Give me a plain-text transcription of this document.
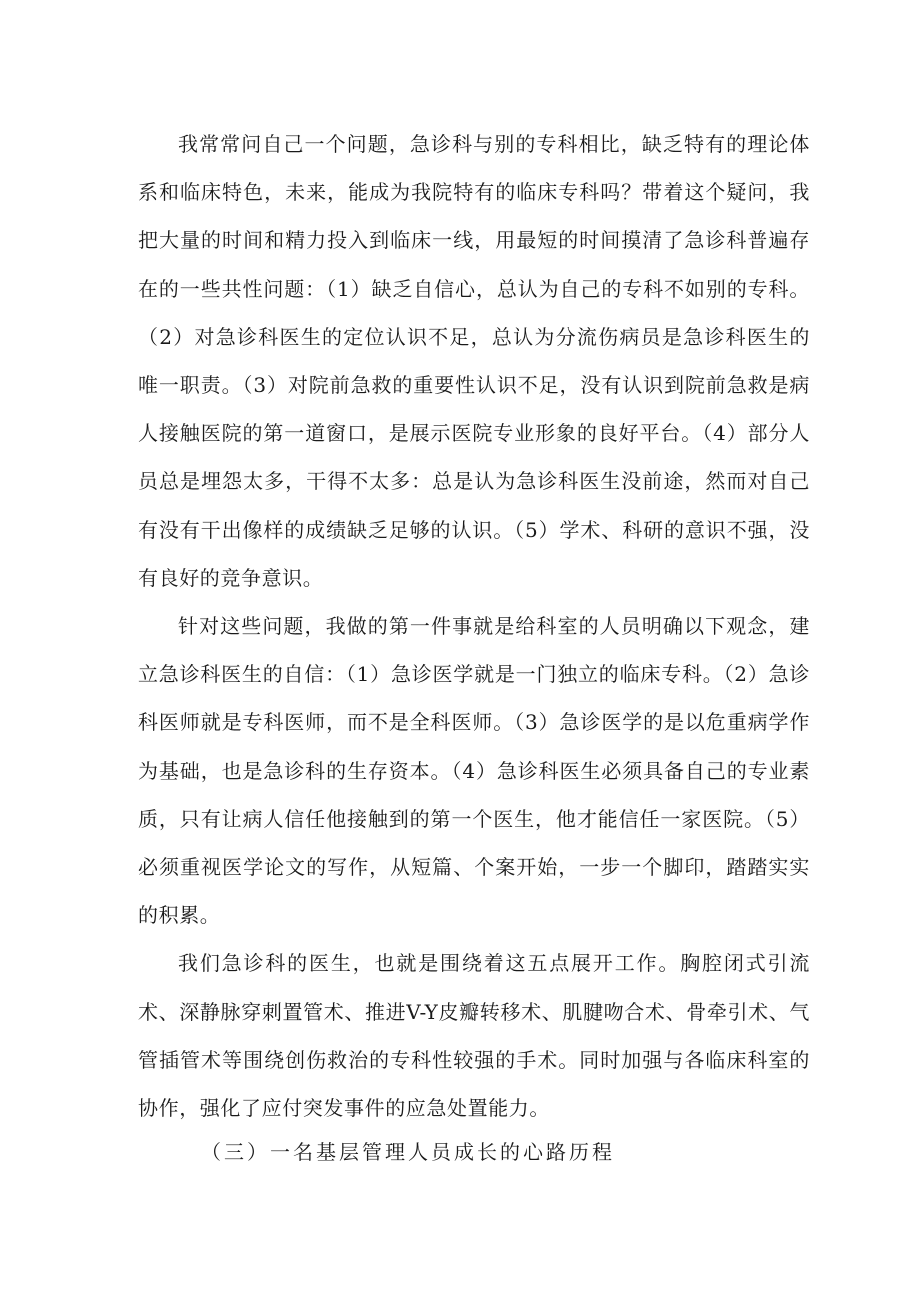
我常常问自己一个问题，急诊科与别的专科相比，缺乏特有的理论体系和临床特色，未来，能成为我院特有的临床专科吗？带着这个疑问，我把大量的时间和精力投入到临床一线，用最短的时间摸清了急诊科普遍存在的一些共性问题：（1）缺乏自信心，总认为自己的专科不如别的专科。（2）对急诊科医生的定位认识不足，总认为分流伤病员是急诊科医生的唯一职责。（3）对院前急救的重要性认识不足，没有认识到院前急救是病人接触医院的第一道窗口，是展示医院专业形象的良好平台。（4）部分人员总是埋怨太多，干得不太多：总是认为急诊科医生没前途，然而对自己有没有干出像样的成绩缺乏足够的认识。（5）学术、科研的意识不强，没有良好的竞争意识。

针对这些问题，我做的第一件事就是给科室的人员明确以下观念，建立急诊科医生的自信：（1）急诊医学就是一门独立的临床专科。（2）急诊科医师就是专科医师，而不是全科医师。（3）急诊医学的是以危重病学作为基础，也是急诊科的生存资本。（4）急诊科医生必须具备自己的专业素质，只有让病人信任他接触到的第一个医生，他才能信任一家医院。（5）必须重视医学论文的写作，从短篇、个案开始，一步一个脚印，踏踏实实的积累。

我们急诊科的医生，也就是围绕着这五点展开工作。胸腔闭式引流术、深静脉穿刺置管术、推进V-Y皮瓣转移术、肌腱吻合术、骨牵引术、气管插管术等围绕创伤救治的专科性较强的手术。同时加强与各临床科室的协作，强化了应付突发事件的应急处置能力。

（三）一名基层管理人员成长的心路历程
